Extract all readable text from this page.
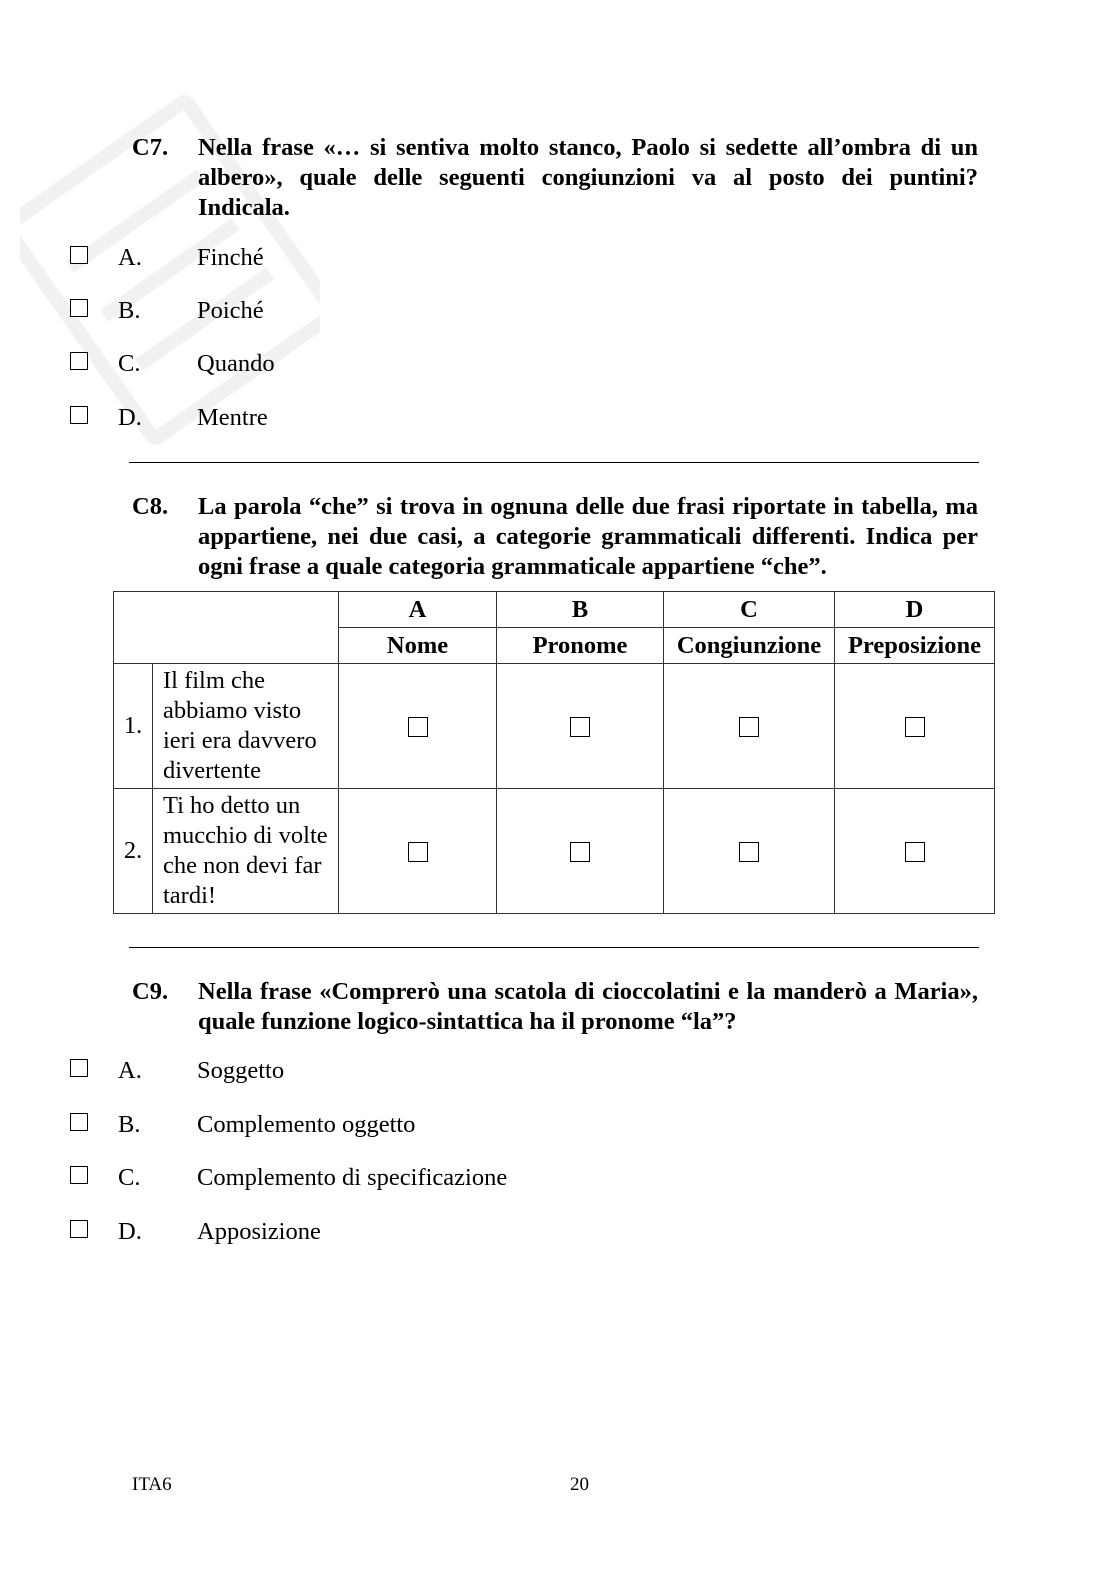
C7. Nella frase «… si sentiva molto stanco, Paolo si sedette all’ombra di un albero», quale delle seguenti congiunzioni va al posto dei puntini? Indicala.
A. Finché
B. Poiché
C. Quando
D. Mentre
C8. La parola “che” si trova in ognuna delle due frasi riportate in tabella, ma appartiene, nei due casi, a categorie grammaticali differenti. Indica per ogni frase a quale categoria grammaticale appartiene “che”.
		A	B	C	D
		Nome	Pronome	Congiunzione	Preposizione
1.	Il film che abbiamo visto ieri era davvero divertente				
2.	Ti ho detto un mucchio di volte che non devi far tardi!				
C9. Nella frase «Comprerò una scatola di cioccolatini e la manderò a Maria», quale funzione logico-sintattica ha il pronome “la”?
A. Soggetto
B. Complemento oggetto
C. Complemento di specificazione
D. Apposizione
ITA6	20
